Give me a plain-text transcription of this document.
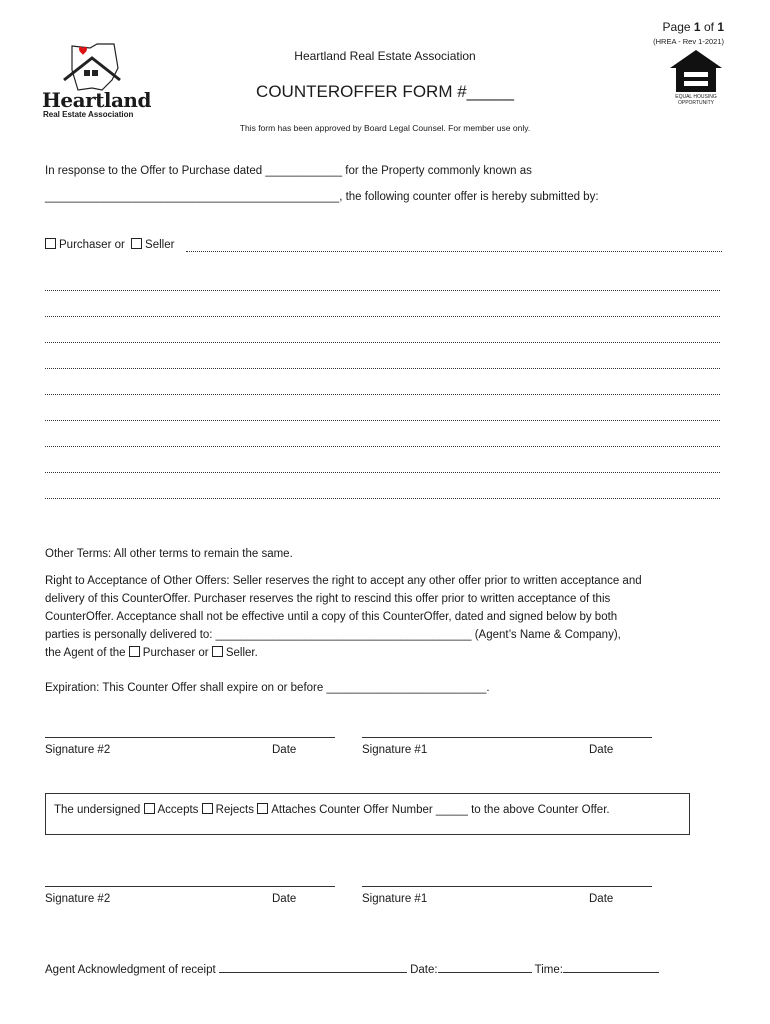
Page 1 of 1
(HREA - Rev 1-2021)
Heartland
Real Estate Association
Heartland Real Estate Association
COUNTEROFFER FORM #_____
This form has been approved by Board Legal Counsel. For member use only.
EQUAL HOUSING
OPPORTUNITY
In response to the Offer to Purchase dated ____________ for the Property commonly known as
______________________________________________, the following counter offer is hereby submitted by:
Purchaser or Seller
Other Terms: All other terms to remain the same.
Right to Acceptance of Other Offers: Seller reserves the right to accept any other offer prior to written acceptance and
delivery of this CounterOffer. Purchaser reserves the right to rescind this offer prior to written acceptance of this
CounterOffer. Acceptance shall not be effective until a copy of this CounterOffer, dated and signed below by both
parties is personally delivered to: ________________________________________ (Agent’s Name & Company),
the Agent of the Purchaser or Seller.
Expiration: This Counter Offer shall expire on or before _________________________.
Signature #2	Date	Signature #1	Date
The undersigned Accepts Rejects Attaches Counter Offer Number _____ to the above Counter Offer.
Signature #2	Date	Signature #1	Date
Agent Acknowledgment of receipt	Date:	Time:
